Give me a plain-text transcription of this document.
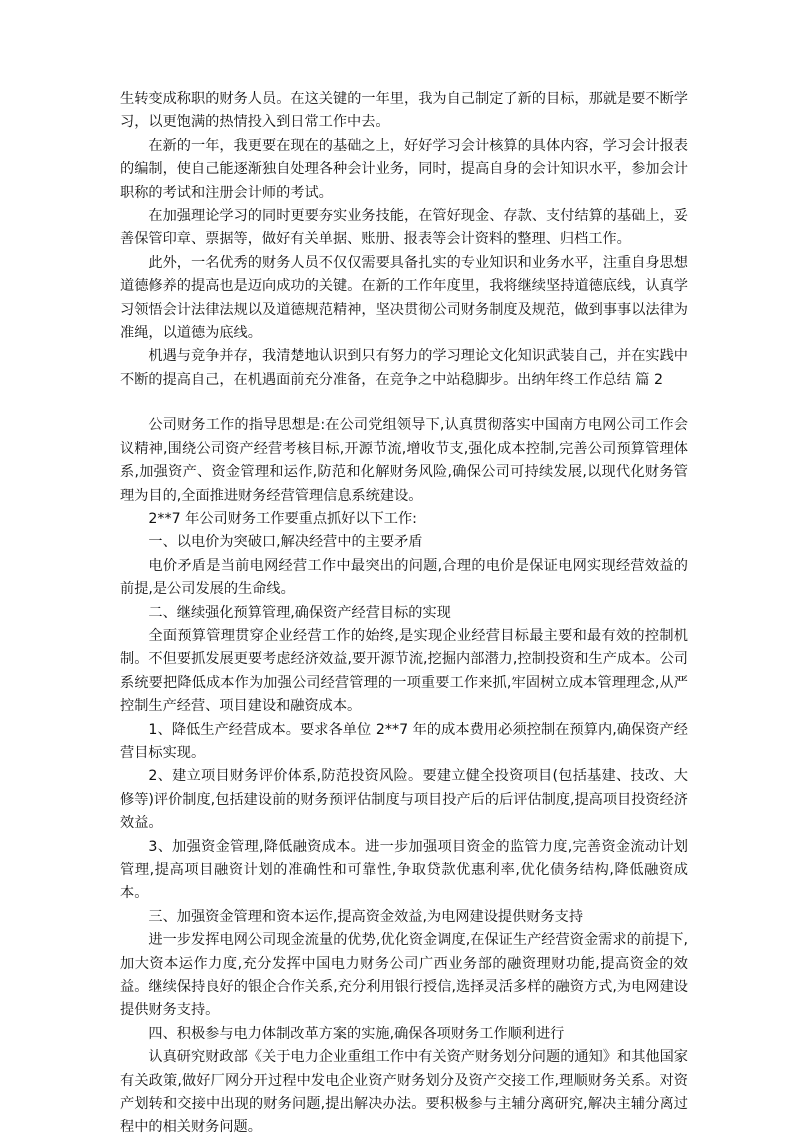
生转变成称职的财务人员。在这关键的一年里，我为自己制定了新的目标，那就是要不断学习，以更饱满的热情投入到日常工作中去。

在新的一年，我更要在现在的基础之上，好好学习会计核算的具体内容，学习会计报表的编制，使自己能逐渐独自处理各种会计业务，同时，提高自身的会计知识水平，参加会计职称的考试和注册会计师的考试。

在加强理论学习的同时更要夯实业务技能，在管好现金、存款、支付结算的基础上，妥善保管印章、票据等，做好有关单据、账册、报表等会计资料的整理、归档工作。

此外，一名优秀的财务人员不仅仅需要具备扎实的专业知识和业务水平，注重自身思想道德修养的提高也是迈向成功的关键。在新的工作年度里，我将继续坚持道德底线，认真学习领悟会计法律法规以及道德规范精神，坚决贯彻公司财务制度及规范，做到事事以法律为准绳，以道德为底线。

机遇与竞争并存，我清楚地认识到只有努力的学习理论文化知识武装自己，并在实践中不断的提高自己，在机遇面前充分准备，在竞争之中站稳脚步。出纳年终工作总结 篇 2

公司财务工作的指导思想是:在公司党组领导下,认真贯彻落实中国南方电网公司工作会议精神,围绕公司资产经营考核目标,开源节流,增收节支,强化成本控制,完善公司预算管理体系,加强资产、资金管理和运作,防范和化解财务风险,确保公司可持续发展,以现代化财务管理为目的,全面推进财务经营管理信息系统建设。

2**7 年公司财务工作要重点抓好以下工作:

一、以电价为突破口,解决经营中的主要矛盾

电价矛盾是当前电网经营工作中最突出的问题,合理的电价是保证电网实现经营效益的前提,是公司发展的生命线。

二、继续强化预算管理,确保资产经营目标的实现

全面预算管理贯穿企业经营工作的始终,是实现企业经营目标最主要和最有效的控制机制。不但要抓发展更要考虑经济效益,要开源节流,挖掘内部潜力,控制投资和生产成本。公司系统要把降低成本作为加强公司经营管理的一项重要工作来抓,牢固树立成本管理理念,从严控制生产经营、项目建设和融资成本。

1、降低生产经营成本。要求各单位 2**7 年的成本费用必须控制在预算内,确保资产经营目标实现。

2、建立项目财务评价体系,防范投资风险。要建立健全投资项目(包括基建、技改、大修等)评价制度,包括建设前的财务预评估制度与项目投产后的后评估制度,提高项目投资经济效益。

3、加强资金管理,降低融资成本。进一步加强项目资金的监管力度,完善资金流动计划管理,提高项目融资计划的准确性和可靠性,争取贷款优惠利率,优化债务结构,降低融资成本。

三、加强资金管理和资本运作,提高资金效益,为电网建设提供财务支持

进一步发挥电网公司现金流量的优势,优化资金调度,在保证生产经营资金需求的前提下,加大资本运作力度,充分发挥中国电力财务公司广西业务部的融资理财功能,提高资金的效益。继续保持良好的银企合作关系,充分利用银行授信,选择灵活多样的融资方式,为电网建设提供财务支持。

四、积极参与电力体制改革方案的实施,确保各项财务工作顺利进行

认真研究财政部《关于电力企业重组工作中有关资产财务划分问题的通知》和其他国家有关政策,做好厂网分开过程中发电企业资产财务划分及资产交接工作,理顺财务关系。对资产划转和交接中出现的财务问题,提出解决办法。要积极参与主辅分离研究,解决主辅分离过程中的相关财务问题。
